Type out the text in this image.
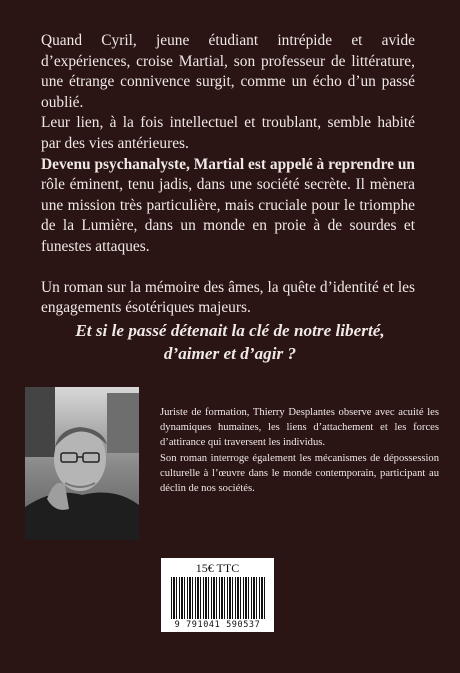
Quand Cyril, jeune étudiant intrépide et avide d’expériences, croise Martial, son professeur de littérature, une étrange connivence surgit, comme un écho d’un passé oublié.

Leur lien, à la fois intellectuel et troublant, semble habité par des vies antérieures.

Devenu psychanalyste, Martial est appelé à reprendre un rôle éminent, tenu jadis, dans une société secrète. Il mènera une mission très particulière, mais cruciale pour le triomphe de la Lumière, dans un monde en proie à de sourdes et funestes attaques.

Un roman sur la mémoire des âmes, la quête d’identité et les engagements ésotériques majeurs.

Et si le passé détenait la clé de notre liberté,
d’aimer et d’agir ?

Juriste de formation, Thierry Desplantes observe avec acuité les dynamiques humaines, les liens d’attachement et les forces d’attirance qui traversent les individus.

Son roman interroge également les mécanismes de dépossession culturelle à l’œuvre dans le monde contemporain, participant au déclin de nos sociétés.

15€ TTC
9 791041 590537
